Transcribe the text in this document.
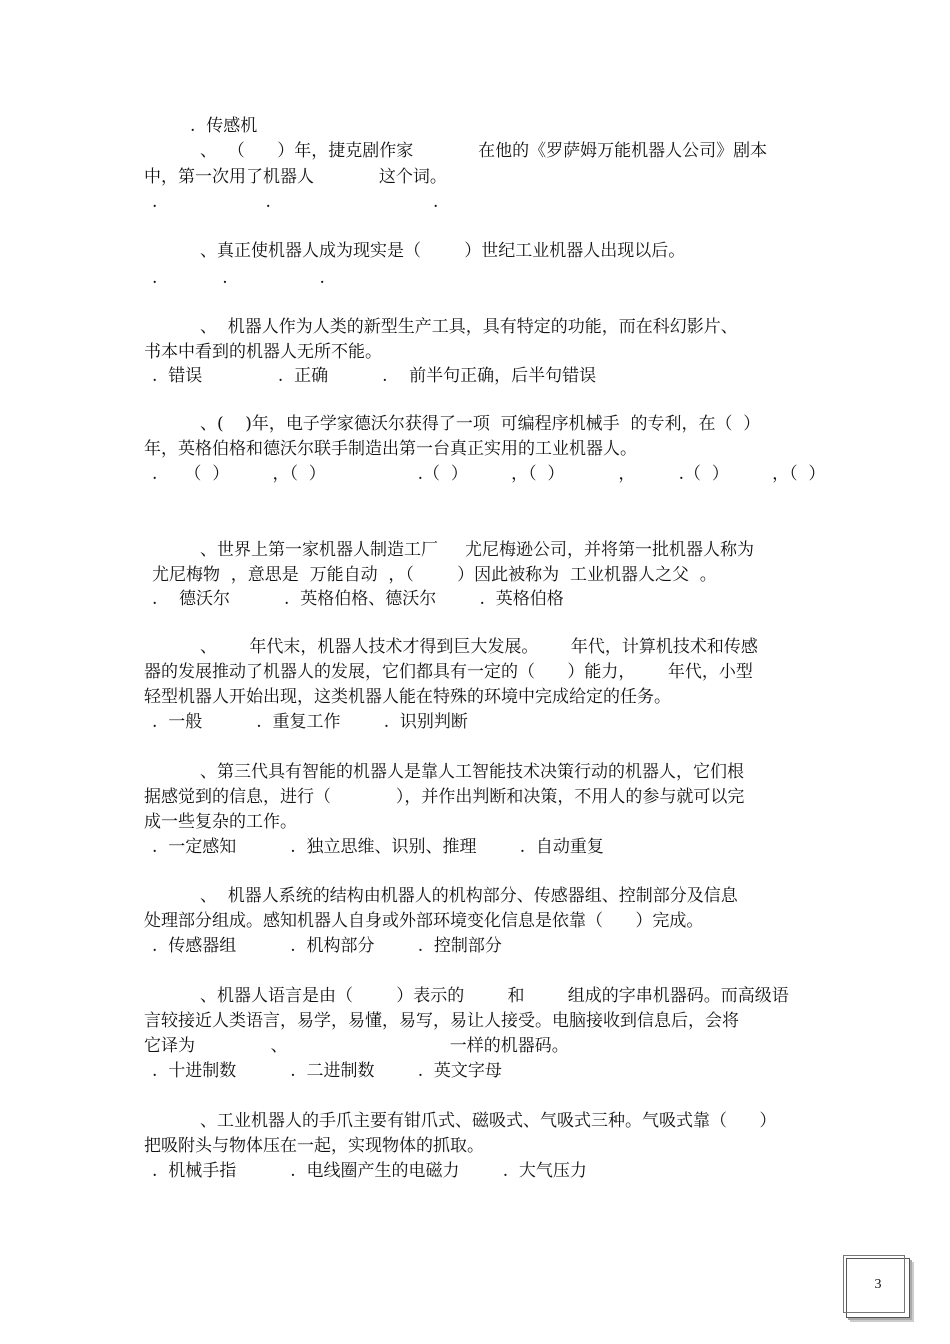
.  传感机
、  （      ）年，捷克剧作家            在他的《罗萨姆万能机器人公司》剧本
中，第一次用了机器人            这个词。
.                    .                              .
、真正使机器人成为现实是（        ）世纪工业机器人出现以后。
.            .                 .
、  机器人作为人类的新型生产工具，具有特定的功能，而在科幻影片、
书本中看到的机器人无所不能。
.  错误              .  正确          .    前半句正确，后半句错误
、(    )年，电子学家德沃尔获得了一项  可编程序机械手  的专利，在（  ）
年，英格伯格和德沃尔联手制造出第一台真正实用的工业机器人。
.     （  ）        ，（  ）                 .（  ）        ，（  ）          ，        .（  ）        ，（  ）
、世界上第一家机器人制造工厂     尤尼梅逊公司，并将第一批机器人称为
尤尼梅物  ，意思是  万能自动  ，（        ）因此被称为  工业机器人之父  。
.    德沃尔          .  英格伯格、德沃尔        .  英格伯格
、      年代末，机器人技术才得到巨大发展。      年代，计算机技术和传感
器的发展推动了机器人的发展，它们都具有一定的（      ）能力，      年代，小型
轻型机器人开始出现，这类机器人能在特殊的环境中完成给定的任务。
.  一般          .  重复工作        .  识别判断
、第三代具有智能的机器人是靠人工智能技术决策行动的机器人，它们根
据感觉到的信息，进行（            ），并作出判断和决策，不用人的参与就可以完
成一些复杂的工作。
.  一定感知          .  独立思维、识别、推理        .  自动重复
、  机器人系统的结构由机器人的机构部分、传感器组、控制部分及信息
处理部分组成。感知机器人自身或外部环境变化信息是依靠（      ）完成。
.  传感器组          .  机构部分        .  控制部分
、机器人语言是由（        ）表示的        和        组成的字串机器码。而高级语
言较接近人类语言，易学，易懂，易写，易让人接受。电脑接收到信息后，会将
它译为              、                              一样的机器码。
.  十进制数          .  二进制数        .  英文字母
、工业机器人的手爪主要有钳爪式、磁吸式、气吸式三种。气吸式靠（      ）
把吸附头与物体压在一起，实现物体的抓取。
.  机械手指          .  电线圈产生的电磁力        .  大气压力
3
